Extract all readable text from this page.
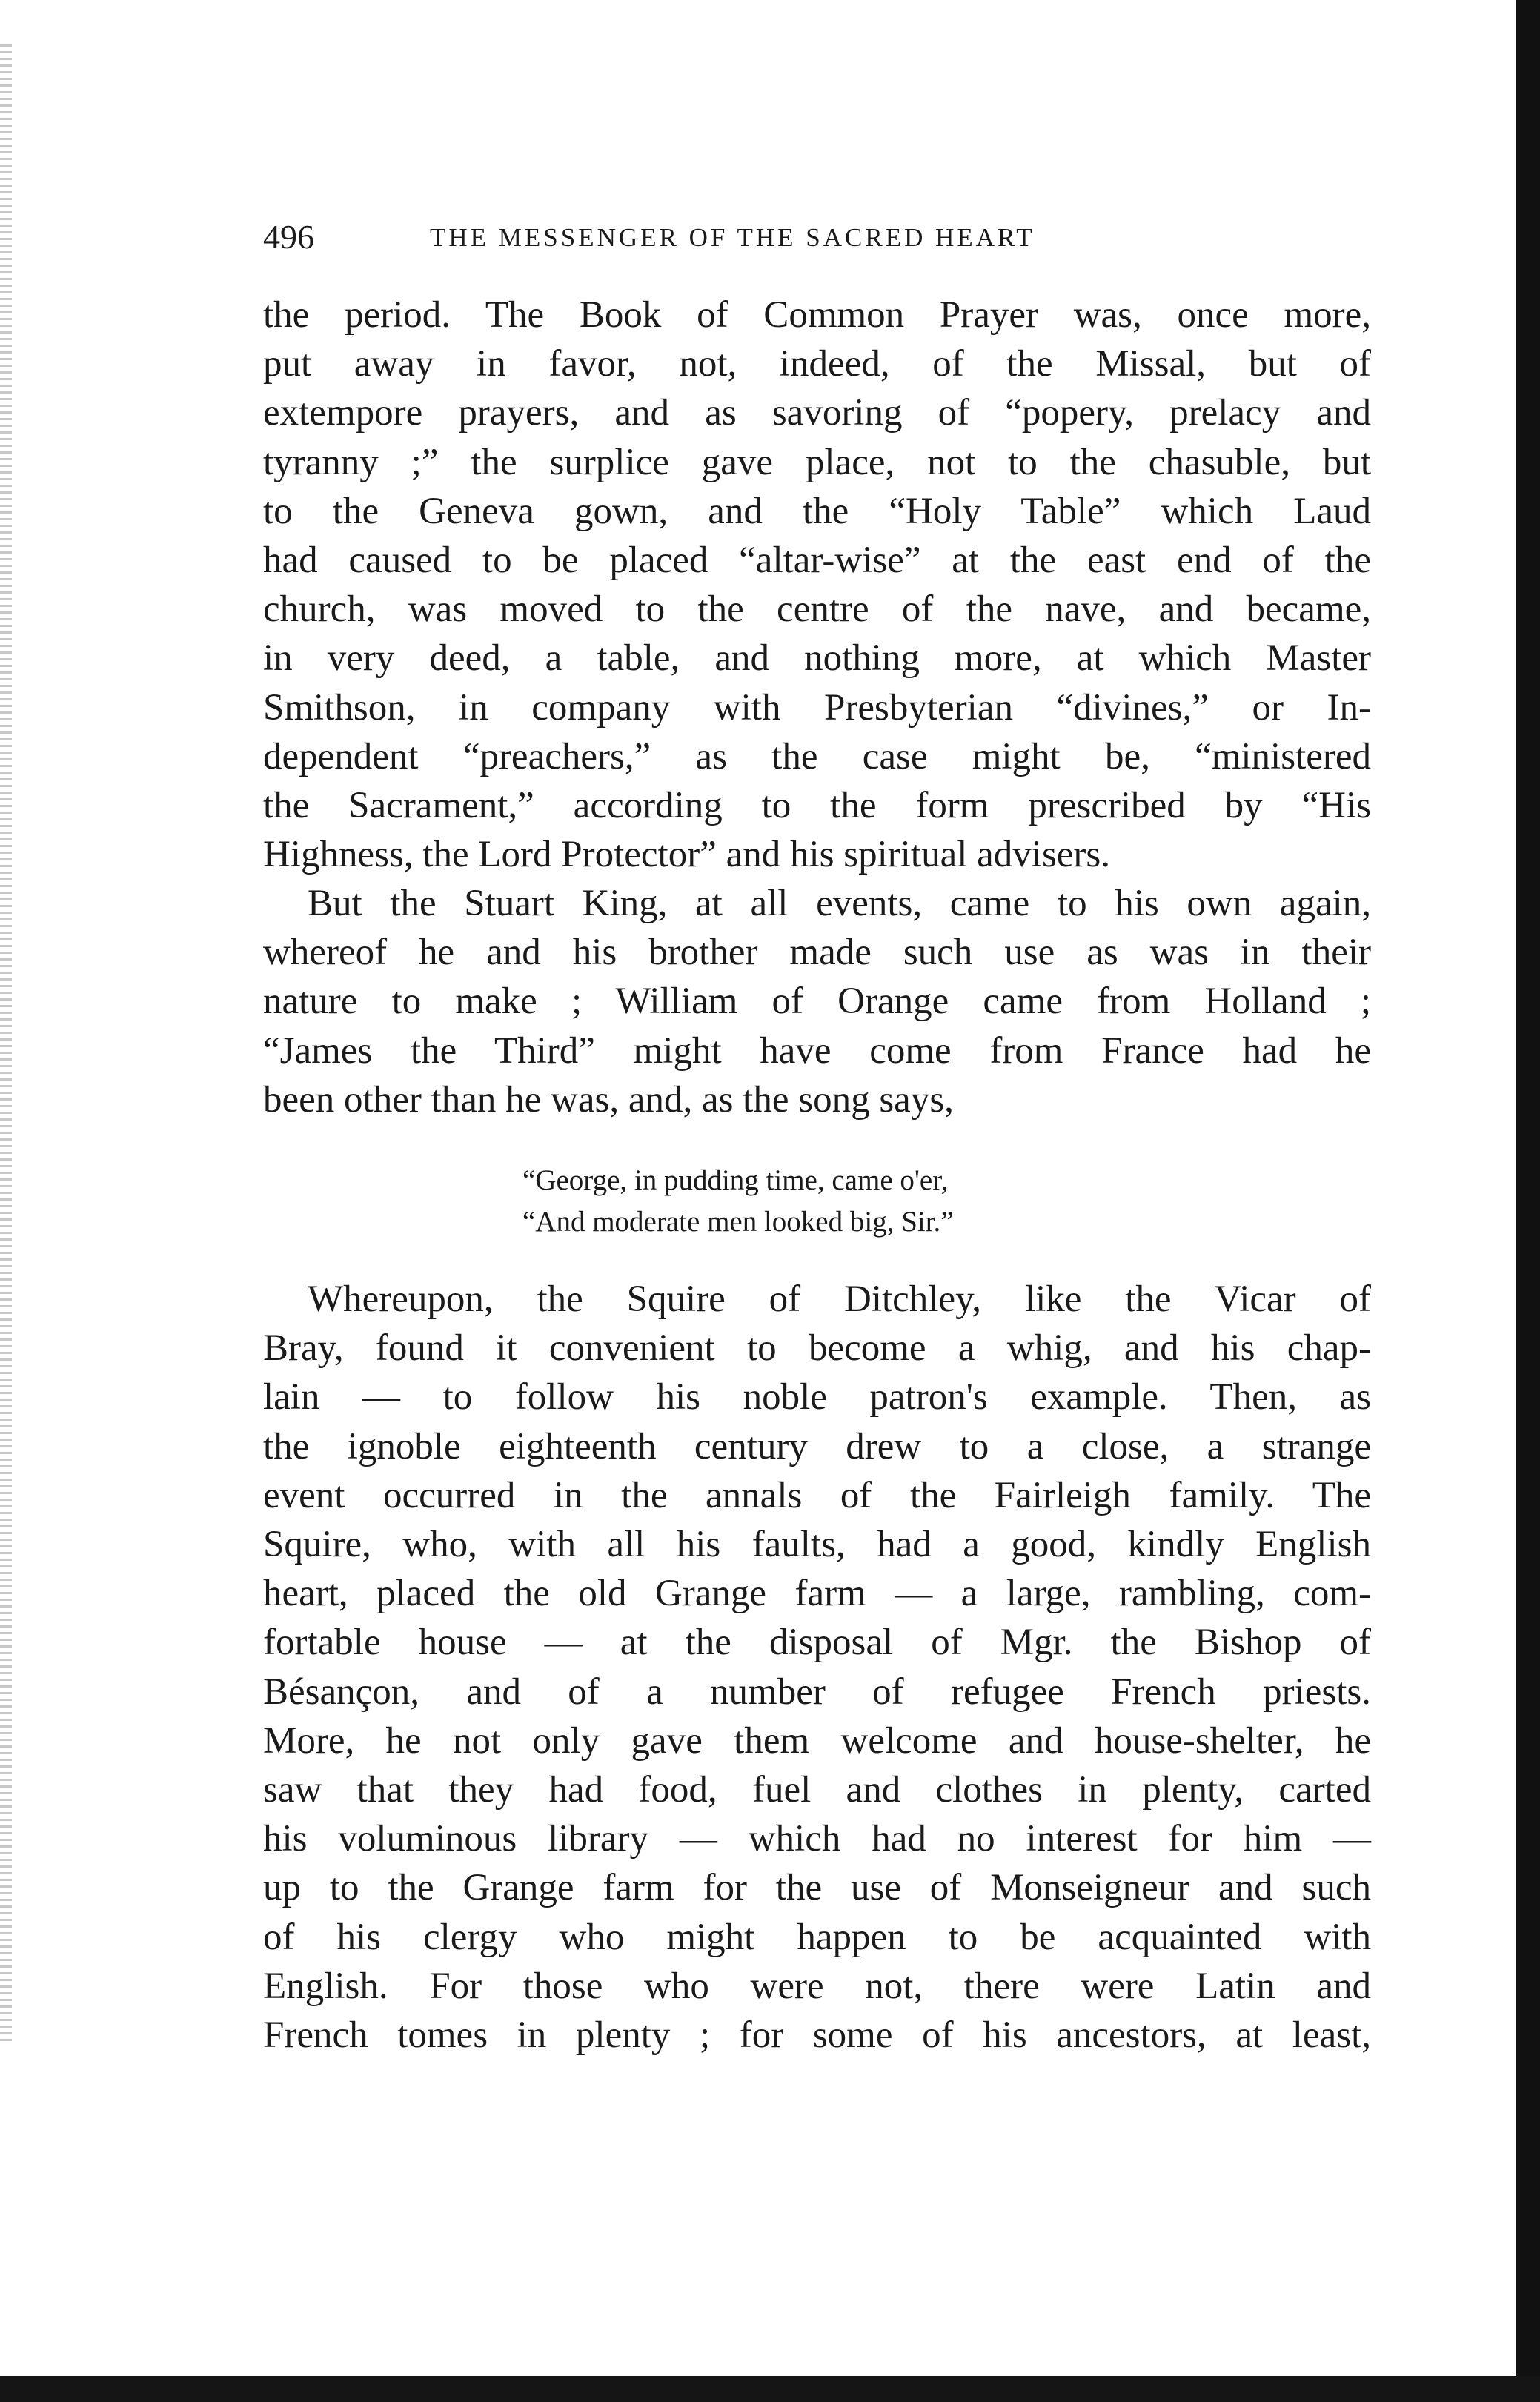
496	THE MESSENGER OF THE SACRED HEART
the period. The Book of Common Prayer was, once more,
put away in favor, not, indeed, of the Missal, but of
extempore prayers, and as savoring of “popery, prelacy and
tyranny ;” the surplice gave place, not to the chasuble, but
to the Geneva gown, and the “Holy Table” which Laud
had caused to be placed “altar-wise” at the east end of the
church, was moved to the centre of the nave, and became,
in very deed, a table, and nothing more, at which Master
Smithson, in company with Presbyterian “divines,” or In-
dependent “preachers,” as the case might be, “ministered
the Sacrament,” according to the form prescribed by “His
Highness, the Lord Protector” and his spiritual advisers.
But the Stuart King, at all events, came to his own again,
whereof he and his brother made such use as was in their
nature to make ; William of Orange came from Holland ;
“James the Third” might have come from France had he
been other than he was, and, as the song says,
“George, in pudding time, came o'er,
“And moderate men looked big, Sir.”
Whereupon, the Squire of Ditchley, like the Vicar of
Bray, found it convenient to become a whig, and his chap-
lain — to follow his noble patron's example. Then, as
the ignoble eighteenth century drew to a close, a strange
event occurred in the annals of the Fairleigh family. The
Squire, who, with all his faults, had a good, kindly English
heart, placed the old Grange farm — a large, rambling, com-
fortable house — at the disposal of Mgr. the Bishop of
Bésançon, and of a number of refugee French priests.
More, he not only gave them welcome and house-shelter, he
saw that they had food, fuel and clothes in plenty, carted
his voluminous library — which had no interest for him —
up to the Grange farm for the use of Monseigneur and such
of his clergy who might happen to be acquainted with
English. For those who were not, there were Latin and
French tomes in plenty ; for some of his ancestors, at least,
